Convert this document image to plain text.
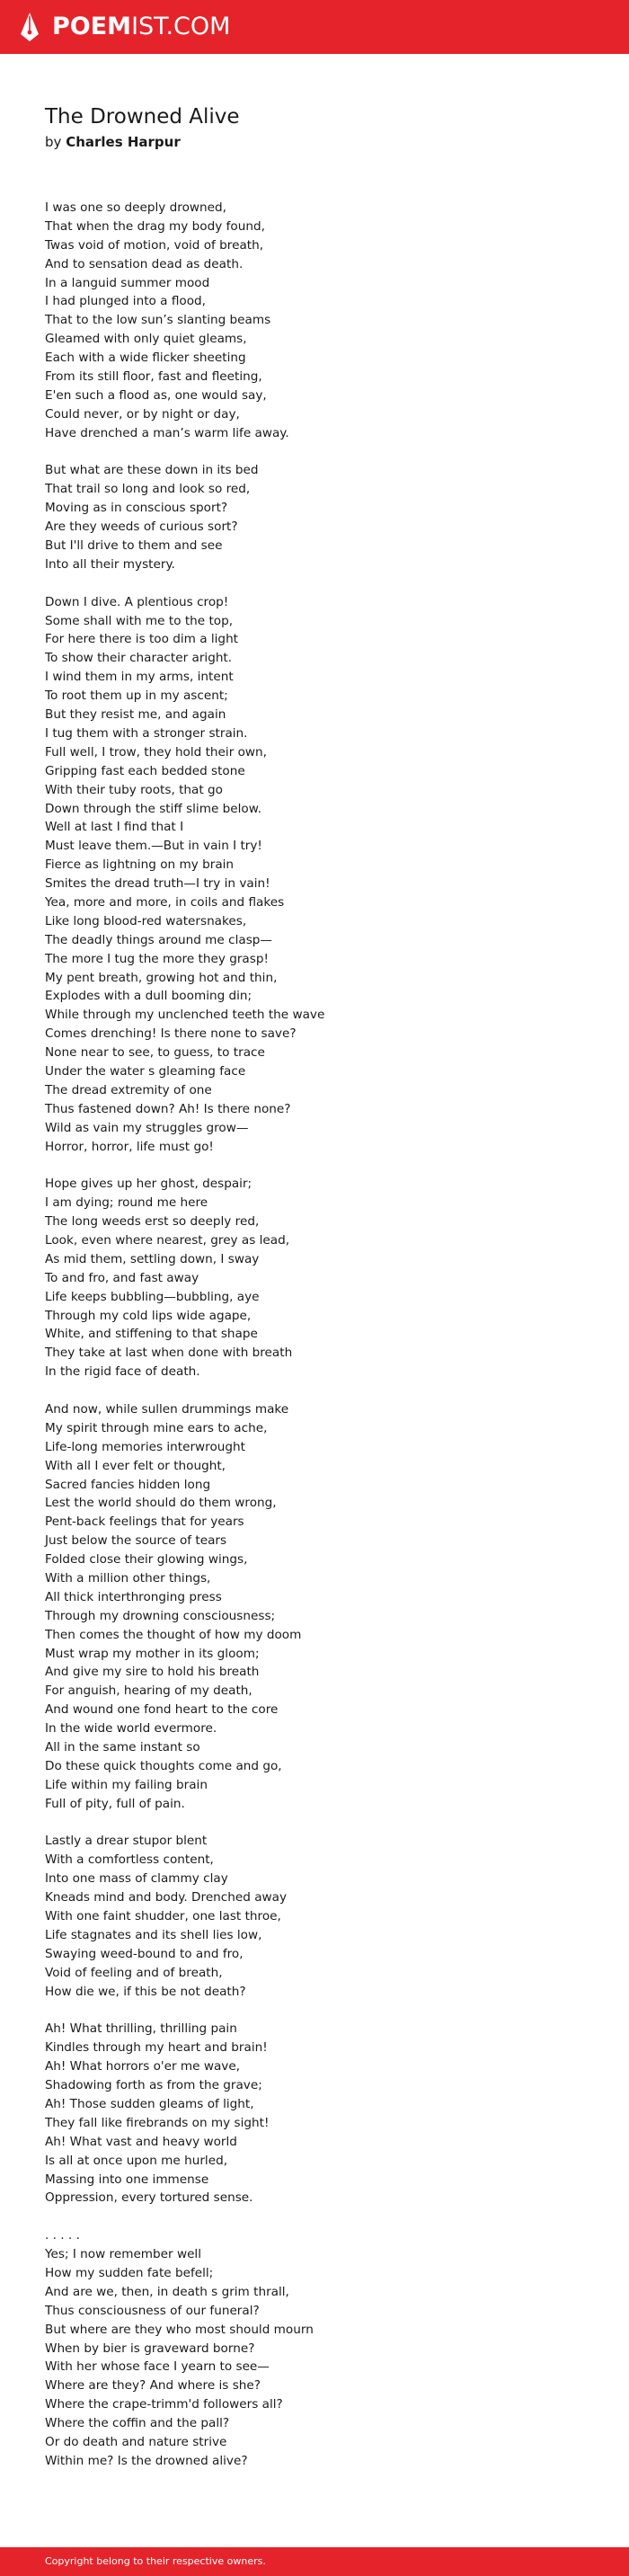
POEMIST.COM
The Drowned Alive
by Charles Harpur
I was one so deeply drowned,
That when the drag my body found,
Twas void of motion, void of breath,
And to sensation dead as death.
In a languid summer mood
I had plunged into a flood,
That to the low sun’s slanting beams
Gleamed with only quiet gleams,
Each with a wide flicker sheeting
From its still floor, fast and fleeting,
E'en such a flood as, one would say,
Could never, or by night or day,
Have drenched a man’s warm life away.
But what are these down in its bed
That trail so long and look so red,
Moving as in conscious sport?
Are they weeds of curious sort?
But I'll drive to them and see
Into all their mystery.
Down I dive. A plentious crop!
Some shall with me to the top,
For here there is too dim a light
To show their character aright.
I wind them in my arms, intent
To root them up in my ascent;
But they resist me, and again
I tug them with a stronger strain.
Full well, I trow, they hold their own,
Gripping fast each bedded stone
With their tuby roots, that go
Down through the stiff slime below.
Well at last I find that I
Must leave them.—But in vain I try!
Fierce as lightning on my brain
Smites the dread truth—I try in vain!
Yea, more and more, in coils and flakes
Like long blood-red watersnakes,
The deadly things around me clasp—
The more I tug the more they grasp!
My pent breath, growing hot and thin,
Explodes with a dull booming din;
While through my unclenched teeth the wave
Comes drenching! Is there none to save?
None near to see, to guess, to trace
Under the water s gleaming face
The dread extremity of one
Thus fastened down? Ah! Is there none?
Wild as vain my struggles grow—
Horror, horror, life must go!
Hope gives up her ghost, despair;
I am dying; round me here
The long weeds erst so deeply red,
Look, even where nearest, grey as lead,
As mid them, settling down, I sway
To and fro, and fast away
Life keeps bubbling—bubbling, aye
Through my cold lips wide agape,
White, and stiffening to that shape
They take at last when done with breath
In the rigid face of death.
And now, while sullen drummings make
My spirit through mine ears to ache,
Life-long memories interwrought
With all I ever felt or thought,
Sacred fancies hidden long
Lest the world should do them wrong,
Pent-back feelings that for years
Just below the source of tears
Folded close their glowing wings,
With a million other things,
All thick interthronging press
Through my drowning consciousness;
Then comes the thought of how my doom
Must wrap my mother in its gloom;
And give my sire to hold his breath
For anguish, hearing of my death,
And wound one fond heart to the core
In the wide world evermore.
All in the same instant so
Do these quick thoughts come and go,
Life within my failing brain
Full of pity, full of pain.
Lastly a drear stupor blent
With a comfortless content,
Into one mass of clammy clay
Kneads mind and body. Drenched away
With one faint shudder, one last throe,
Life stagnates and its shell lies low,
Swaying weed-bound to and fro,
Void of feeling and of breath,
How die we, if this be not death?
Ah! What thrilling, thrilling pain
Kindles through my heart and brain!
Ah! What horrors o'er me wave,
Shadowing forth as from the grave;
Ah! Those sudden gleams of light,
They fall like firebrands on my sight!
Ah! What vast and heavy world
Is all at once upon me hurled,
Massing into one immense
Oppression, every tortured sense.
. . . . .
Yes; I now remember well
How my sudden fate befell;
And are we, then, in death s grim thrall,
Thus consciousness of our funeral?
But where are they who most should mourn
When by bier is graveward borne?
With her whose face I yearn to see—
Where are they? And where is she?
Where the crape-trimm'd followers all?
Where the coffin and the pall?
Or do death and nature strive
Within me? Is the drowned alive?
Copyright belong to their respective owners.
